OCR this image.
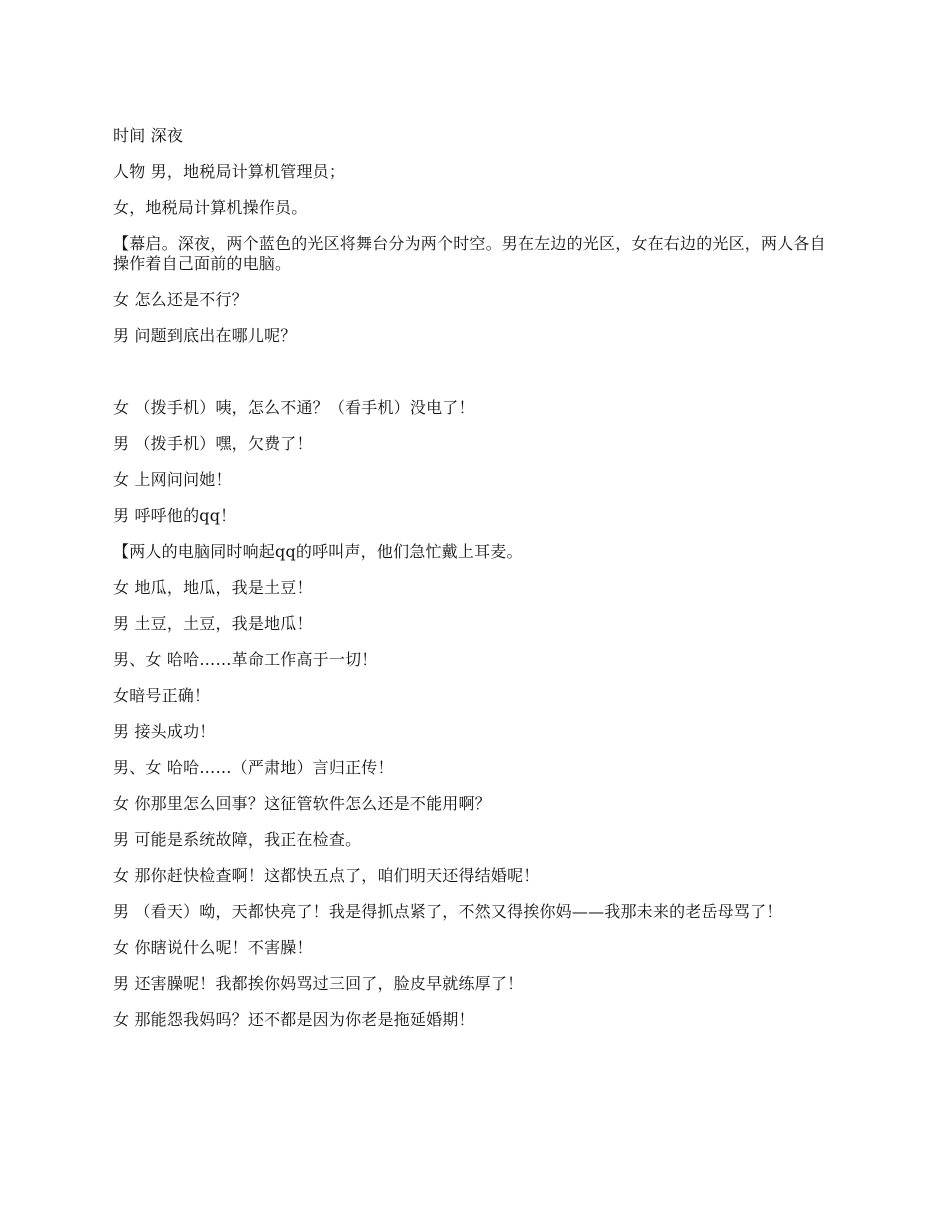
时间 深夜

人物 男，地税局计算机管理员；

女，地税局计算机操作员。

【幕启。深夜，两个蓝色的光区将舞台分为两个时空。男在左边的光区，女在右边的光区，两人各自操作着自己面前的电脑。

女 怎么还是不行？

男 问题到底出在哪儿呢？

女 （拨手机）咦，怎么不通？（看手机）没电了！

男 （拨手机）嘿，欠费了！

女 上网问问她！

男 呼呼他的qq！

【两人的电脑同时响起qq的呼叫声，他们急忙戴上耳麦。

女 地瓜，地瓜，我是土豆！

男 土豆，土豆，我是地瓜！

男、女 哈哈……革命工作高于一切！

女暗号正确！

男 接头成功！

男、女 哈哈……（严肃地）言归正传！

女 你那里怎么回事？这征管软件怎么还是不能用啊？

男 可能是系统故障，我正在检查。

女 那你赶快检查啊！这都快五点了，咱们明天还得结婚呢！

男 （看天）呦，天都快亮了！我是得抓点紧了，不然又得挨你妈——我那未来的老岳母骂了！

女 你瞎说什么呢！不害臊！

男 还害臊呢！我都挨你妈骂过三回了，脸皮早就练厚了！

女 那能怨我妈吗？还不都是因为你老是拖延婚期！
